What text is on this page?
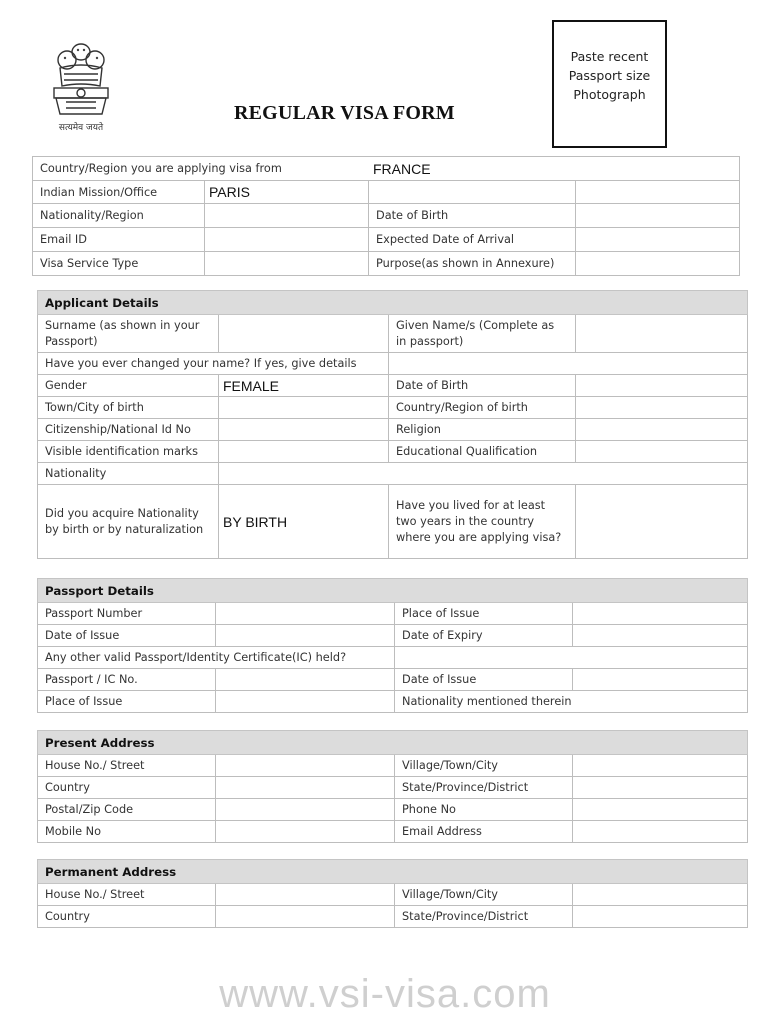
सत्यमेव जयते
REGULAR VISA FORM
Paste recent
Passport size
Photograph
Country/Region you are applying visa from		FRANCE	
Indian Mission/Office	PARIS		
Nationality/Region		Date of Birth	
Email ID		Expected Date of Arrival	
Visa Service Type		Purpose(as shown in Annexure)	
Applicant Details			
Surname (as shown in your Passport)		Given Name/s (Complete as in passport)	
Have you ever changed your name? If yes, give details			
Gender	FEMALE	Date of Birth	
Town/City of birth		Country/Region of birth	
Citizenship/National Id No		Religion	
Visible identification marks		Educational Qualification	
Nationality			
Did you acquire Nationality by birth or by naturalization	BY BIRTH	Have you lived for at least two years in the country where you are applying visa?	
Passport Details			
Passport Number		Place of Issue	
Date of Issue		Date of Expiry	
Any other valid Passport/Identity Certificate(IC) held?			
Passport / IC No.		Date of Issue	
Place of Issue		Nationality mentioned therein	
Present Address			
House No./ Street		Village/Town/City	
Country		State/Province/District	
Postal/Zip Code		Phone No	
Mobile No		Email Address	
Permanent Address			
House No./ Street		Village/Town/City	
Country		State/Province/District	
www.vsi-visa.com
